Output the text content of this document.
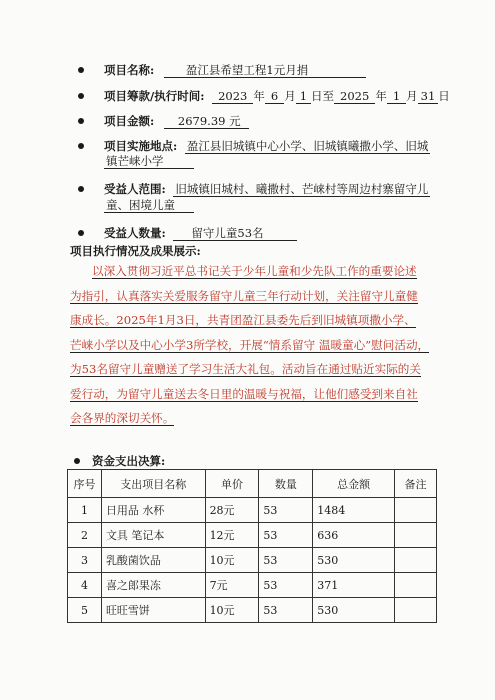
项目名称:	盈江县希望工程1元月捐
项目筹款/执行时间: 2023 年 6 月 1 日至 2025 年 1 月 31 日
项目金额: 2679.39 元
项目实施地点: 盈江县旧城镇中心小学、旧城镇曦撒小学、旧城
镇芒崃小学
受益人范围: 旧城镇旧城村、曦撒村、芒崃村等周边村寨留守儿
童、困境儿童
受益人数量: 留守儿童53名
项目执行情况及成果展示:
以深入贯彻习近平总书记关于少年儿童和少先队工作的重要论述
为指引，认真落实关爱服务留守儿童三年行动计划，关注留守儿童健
康成长。2025年1月3日，共青团盈江县委先后到旧城镇项撒小学、
芒崃小学以及中心小学3所学校，开展“情系留守 温暖童心”慰问活动，
为53名留守儿童赠送了学习生活大礼包。活动旨在通过贴近实际的关
爱行动，为留守儿童送去冬日里的温暖与祝福，让他们感受到来自社
会各界的深切关怀。
资金支出决算:
序号	支出项目名称	单价	数量	总金额	备注
1	日用品 水杯	28元	53	1484	
2	文具 笔记本	12元	53	636	
3	乳酸菌饮品	10元	53	530	
4	喜之郎果冻	7元	53	371	
5	旺旺雪饼	10元	53	530	
